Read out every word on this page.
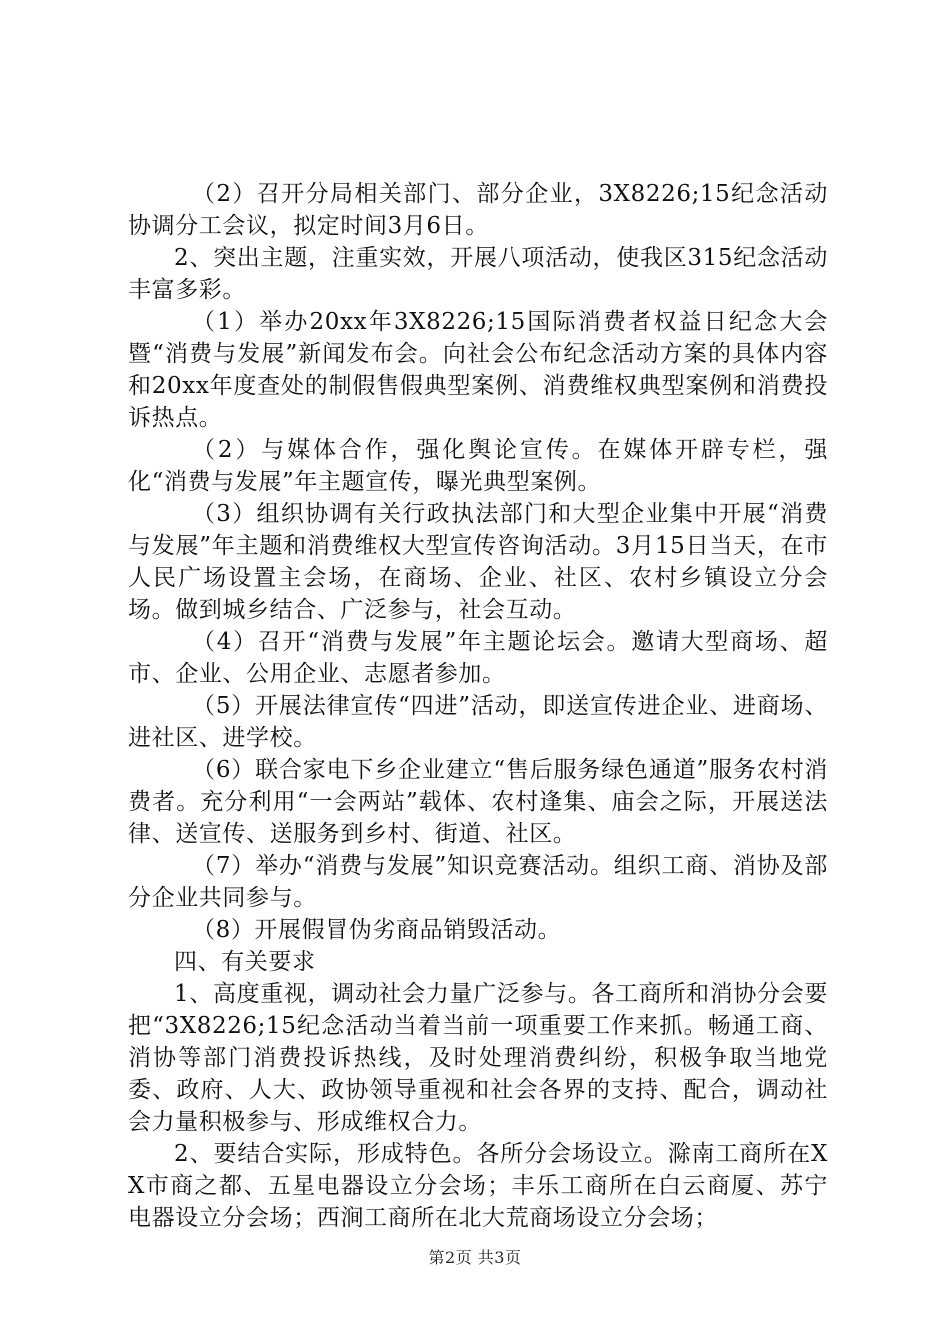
（2）召开分局相关部门、部分企业，3X8226;15纪念活动协调分工会议，拟定时间3月6日。

2、突出主题，注重实效，开展八项活动，使我区315纪念活动丰富多彩。

（1）举办20xx年3X8226;15国际消费者权益日纪念大会暨“消费与发展”新闻发布会。向社会公布纪念活动方案的具体内容和20xx年度查处的制假售假典型案例、消费维权典型案例和消费投诉热点。

（2）与媒体合作，强化舆论宣传。在媒体开辟专栏，强化“消费与发展”年主题宣传，曝光典型案例。

（3）组织协调有关行政执法部门和大型企业集中开展“消费与发展”年主题和消费维权大型宣传咨询活动。3月15日当天，在市人民广场设置主会场，在商场、企业、社区、农村乡镇设立分会场。做到城乡结合、广泛参与，社会互动。

（4）召开“消费与发展”年主题论坛会。邀请大型商场、超市、企业、公用企业、志愿者参加。

（5）开展法律宣传“四进”活动，即送宣传进企业、进商场、进社区、进学校。

（6）联合家电下乡企业建立“售后服务绿色通道”服务农村消费者。充分利用“一会两站”载体、农村逢集、庙会之际，开展送法律、送宣传、送服务到乡村、街道、社区。

（7）举办“消费与发展”知识竞赛活动。组织工商、消协及部分企业共同参与。

（8）开展假冒伪劣商品销毁活动。

四、有关要求

1、高度重视，调动社会力量广泛参与。各工商所和消协分会要把“3X8226;15纪念活动当着当前一项重要工作来抓。畅通工商、消协等部门消费投诉热线，及时处理消费纠纷，积极争取当地党委、政府、人大、政协领导重视和社会各界的支持、配合，调动社会力量积极参与、形成维权合力。

2、要结合实际，形成特色。各所分会场设立。滁南工商所在XX市商之都、五星电器设立分会场；丰乐工商所在白云商厦、苏宁电器设立分会场；西涧工商所在北大荒商场设立分会场；

第2页 共3页
